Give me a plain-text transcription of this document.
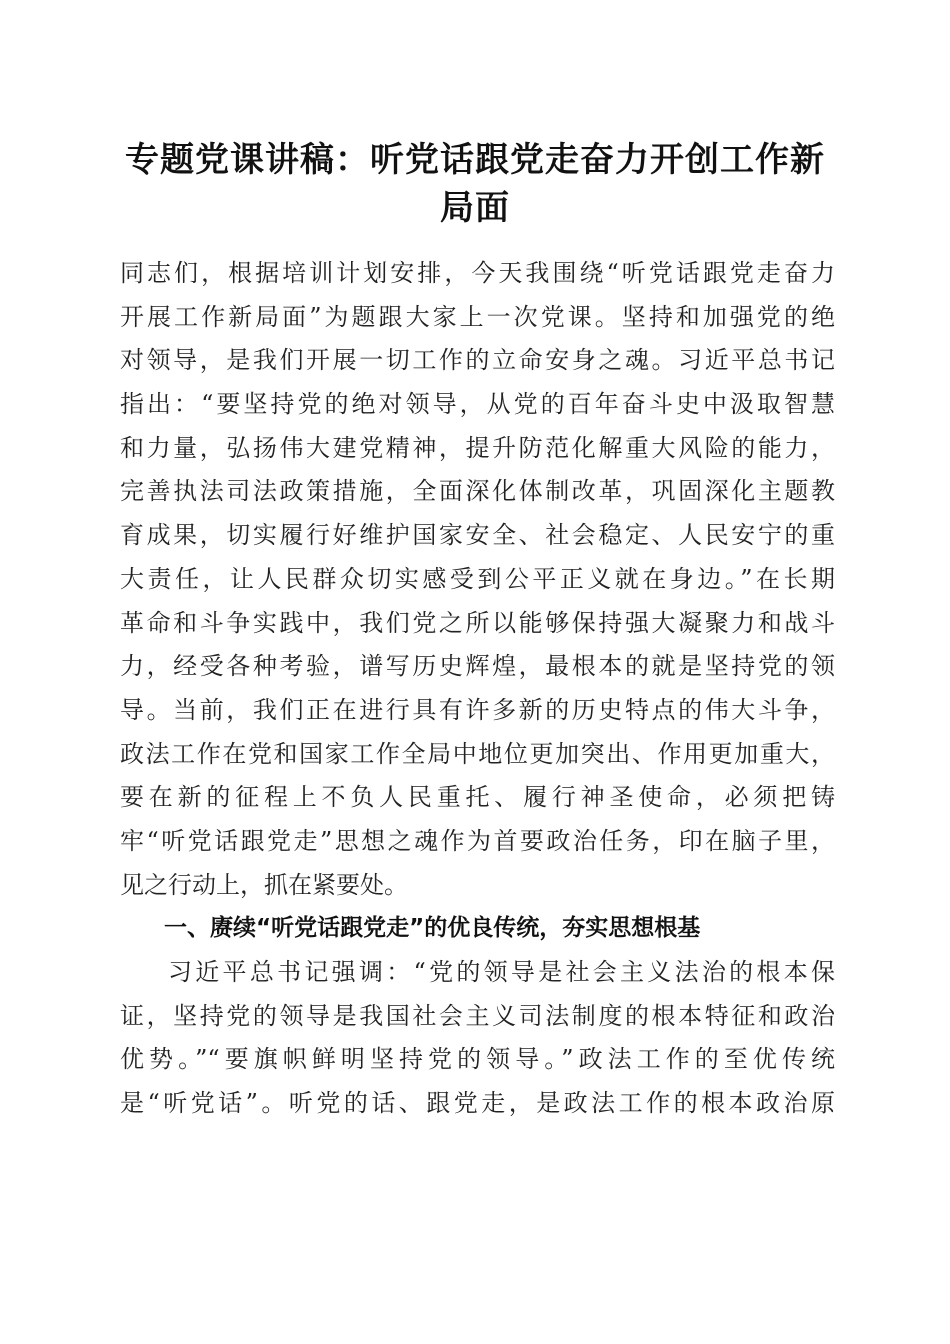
专题党课讲稿：听党话跟党走奋力开创工作新
局面
同志们，根据培训计划安排，今天我围绕“听党话跟党走奋力
开展工作新局面”为题跟大家上一次党课。坚持和加强党的绝
对领导，是我们开展一切工作的立命安身之魂。习近平总书记
指出：“要坚持党的绝对领导，从党的百年奋斗史中汲取智慧
和力量，弘扬伟大建党精神，提升防范化解重大风险的能力，
完善执法司法政策措施，全面深化体制改革，巩固深化主题教
育成果，切实履行好维护国家安全、社会稳定、人民安宁的重
大责任，让人民群众切实感受到公平正义就在身边。”在长期
革命和斗争实践中，我们党之所以能够保持强大凝聚力和战斗
力，经受各种考验，谱写历史辉煌，最根本的就是坚持党的领
导。当前，我们正在进行具有许多新的历史特点的伟大斗争，
政法工作在党和国家工作全局中地位更加突出、作用更加重大，
要在新的征程上不负人民重托、履行神圣使命，必须把铸
牢“听党话跟党走”思想之魂作为首要政治任务，印在脑子里，
见之行动上，抓在紧要处。
一、赓续“听党话跟党走”的优良传统，夯实思想根基
习近平总书记强调：“党的领导是社会主义法治的根本保
证，坚持党的领导是我国社会主义司法制度的根本特征和政治
优势。”“要旗帜鲜明坚持党的领导。”政法工作的至优传统
是“听党话”。听党的话、跟党走，是政法工作的根本政治原
